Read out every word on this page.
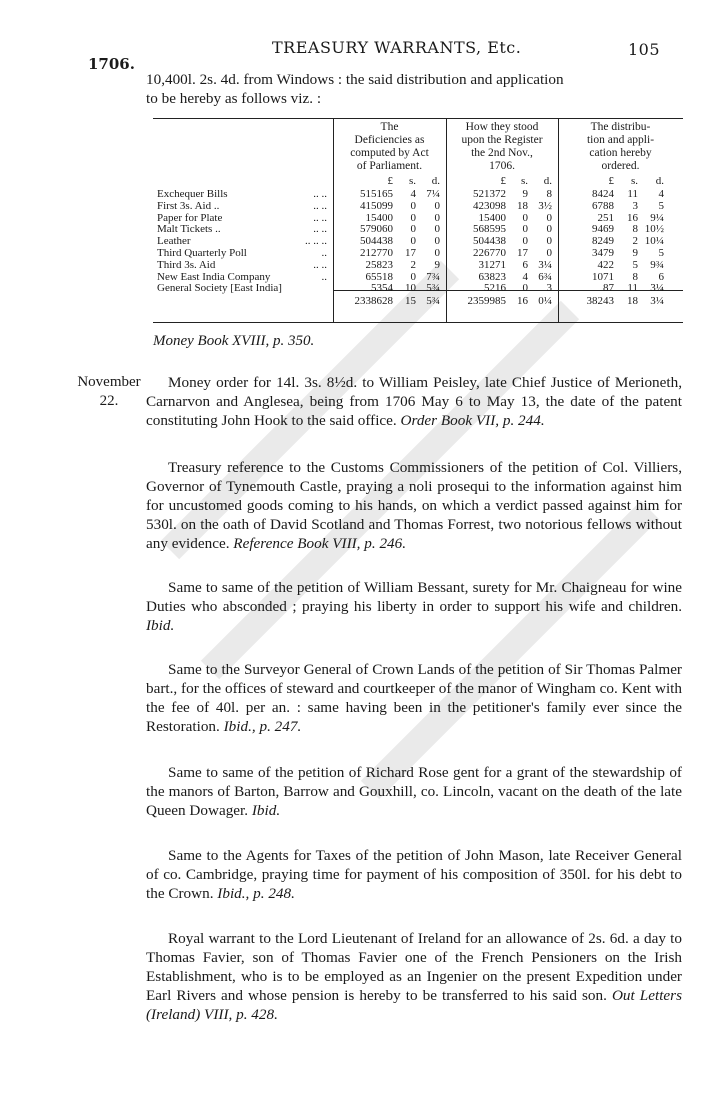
1706.
TREASURY WARRANTS, Etc.	105
10,400l. 2s. 4d. from Windows : the said distribution and application
to be hereby as follows viz. :
The
Deficiencies as
computed by Act
of Parliament.
How they stood
upon the Register
the 2nd Nov.,
1706.
The distribu-
tion and appli-
cation hereby
ordered.
£	s.	d.	£	s.	d.	£	s.	d.
Exchequer Bills	.. ..	515165	4 7¼	521372	9	8	8424	11	4
First 3s. Aid ..	.. ..	415099	0	0	423098	18 3½	6788	3	5
Paper for Plate	.. ..	15400	0	0	15400	0	0	251	16	9¼
Malt Tickets ..	.. ..	579060	0	0	568595	0	0	9469	8 10½
Leather	.. .. ..	504438	0	0	504438	0	0	8249	2 10¼
Third Quarterly Poll	..	212770	17	0	226770	17	0	3479	9	5
Third 3s. Aid	.. ..	25823	2	9	31271	6 3¼	422	5	9¾
New East India Company	..	65518	0 7¾	63823	4 6¾	1071	8	6
General Society [East India]	5354	10 5¾	5216	0	3	87	11	3¼
2338628	15 5¾	2359985	16 0¼	38243	18	3¼
Money Book XVIII, p. 350.
November
22.
Money order for 14l. 3s. 8½d. to William Peisley, late Chief Justice of Merioneth, Carnarvon and Anglesea, being from 1706 May 6 to May 13, the date of the patent constituting John Hook to the said office. Order Book VII, p. 244.
Treasury reference to the Customs Commissioners of the petition of Col. Villiers, Governor of Tynemouth Castle, praying a noli prosequi to the information against him for uncustomed goods coming to his hands, on which a verdict passed against him for 530l. on the oath of David Scotland and Thomas Forrest, two notorious fellows without any evidence. Reference Book VIII, p. 246.
Same to same of the petition of William Bessant, surety for Mr. Chaigneau for wine Duties who absconded ; praying his liberty in order to support his wife and children. Ibid.
Same to the Surveyor General of Crown Lands of the petition of Sir Thomas Palmer bart., for the offices of steward and courtkeeper of the manor of Wingham co. Kent with the fee of 40l. per an. : same having been in the petitioner's family ever since the Restoration. Ibid., p. 247.
Same to same of the petition of Richard Rose gent for a grant of the stewardship of the manors of Barton, Barrow and Gouxhill, co. Lincoln, vacant on the death of the late Queen Dowager. Ibid.
Same to the Agents for Taxes of the petition of John Mason, late Receiver General of co. Cambridge, praying time for payment of his composition of 350l. for his debt to the Crown. Ibid., p. 248.
Royal warrant to the Lord Lieutenant of Ireland for an allowance of 2s. 6d. a day to Thomas Favier, son of Thomas Favier one of the French Pensioners on the Irish Establishment, who is to be employed as an Ingenier on the present Expedition under Earl Rivers and whose pension is hereby to be transferred to his said son. Out Letters (Ireland) VIII, p. 428.
